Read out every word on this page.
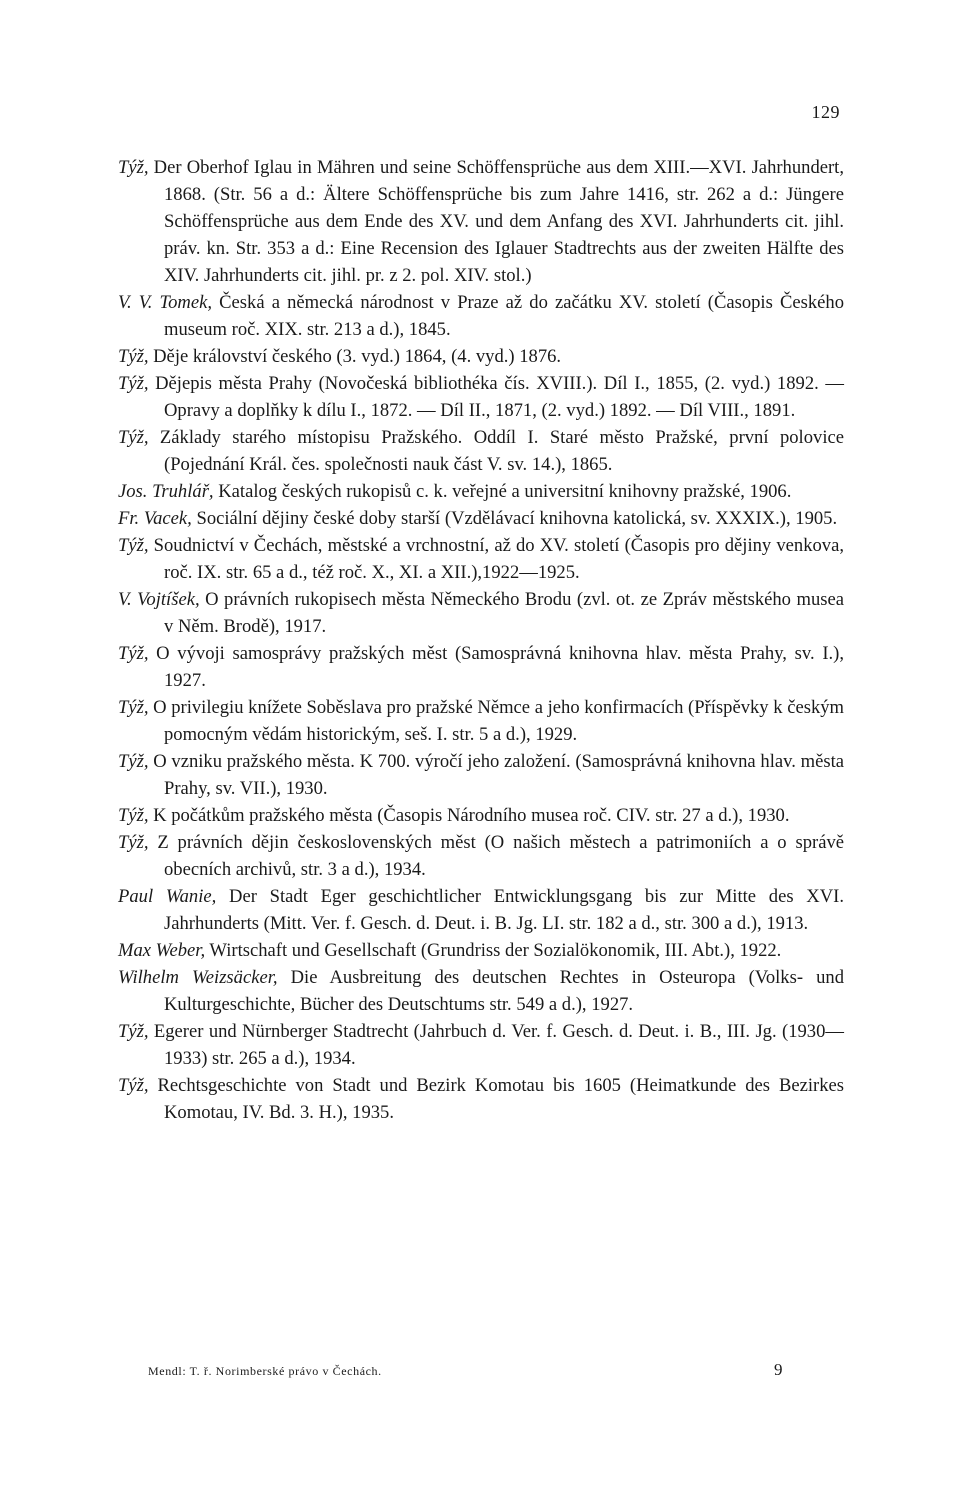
129

Týž, Der Oberhof Iglau in Mähren und seine Schöffensprüche aus dem XIII.—XVI. Jahrhundert, 1868. (Str. 56 a d.: Ältere Schöffensprüche bis zum Jahre 1416, str. 262 a d.: Jüngere Schöffensprüche aus dem Ende des XV. und dem Anfang des XVI. Jahrhunderts cit. jihl. práv. kn. Str. 353 a d.: Eine Recension des Iglauer Stadtrechts aus der zweiten Hälfte des XIV. Jahrhunderts cit. jihl. pr. z 2. pol. XIV. stol.)

V. V. Tomek, Česká a německá národnost v Praze až do začátku XV. století (Časopis Českého museum roč. XIX. str. 213 a d.), 1845.

Týž, Děje království českého (3. vyd.) 1864, (4. vyd.) 1876.

Týž, Dějepis města Prahy (Novočeská bibliothéka čís. XVIII.). Díl I., 1855, (2. vyd.) 1892. — Opravy a doplňky k dílu I., 1872. — Díl II., 1871, (2. vyd.) 1892. — Díl VIII., 1891.

Týž, Základy starého místopisu Pražského. Oddíl I. Staré město Pražské, první polovice (Pojednání Král. čes. společnosti nauk část V. sv. 14.), 1865.

Jos. Truhlář, Katalog českých rukopisů c. k. veřejné a universitní knihovny pražské, 1906.

Fr. Vacek, Sociální dějiny české doby starší (Vzdělávací knihovna katolická, sv. XXXIX.), 1905.

Týž, Soudnictví v Čechách, městské a vrchnostní, až do XV. století (Časopis pro dějiny venkova, roč. IX. str. 65 a d., též roč. X., XI. a XII.),1922—1925.

V. Vojtíšek, O právních rukopisech města Německého Brodu (zvl. ot. ze Zpráv městského musea v Něm. Brodě), 1917.

Týž, O vývoji samosprávy pražských měst (Samosprávná knihovna hlav. města Prahy, sv. I.), 1927.

Týž, O privilegiu knížete Soběslava pro pražské Němce a jeho konfirmacích (Příspěvky k českým pomocným vědám historickým, seš. I. str. 5 a d.), 1929.

Týž, O vzniku pražského města. K 700. výročí jeho založení. (Samosprávná knihovna hlav. města Prahy, sv. VII.), 1930.

Týž, K počátkům pražského města (Časopis Národního musea roč. CIV. str. 27 a d.), 1930.

Týž, Z právních dějin československých měst (O našich městech a patrimoniích a o správě obecních archivů, str. 3 a d.), 1934.

Paul Wanie, Der Stadt Eger geschichtlicher Entwicklungsgang bis zur Mitte des XVI. Jahrhunderts (Mitt. Ver. f. Gesch. d. Deut. i. B. Jg. LI. str. 182 a d., str. 300 a d.), 1913.

Max Weber, Wirtschaft und Gesellschaft (Grundriss der Sozialökonomik, III. Abt.), 1922.

Wilhelm Weizsäcker, Die Ausbreitung des deutschen Rechtes in Osteuropa (Volks- und Kulturgeschichte, Bücher des Deutschtums str. 549 a d.), 1927.

Týž, Egerer und Nürnberger Stadtrecht (Jahrbuch d. Ver. f. Gesch. d. Deut. i. B., III. Jg. (1930—1933) str. 265 a d.), 1934.

Týž, Rechtsgeschichte von Stadt und Bezirk Komotau bis 1605 (Heimatkunde des Bezirkes Komotau, IV. Bd. 3. H.), 1935.

Mendl: T. ř. Norimberské právo v Čechách.	9
